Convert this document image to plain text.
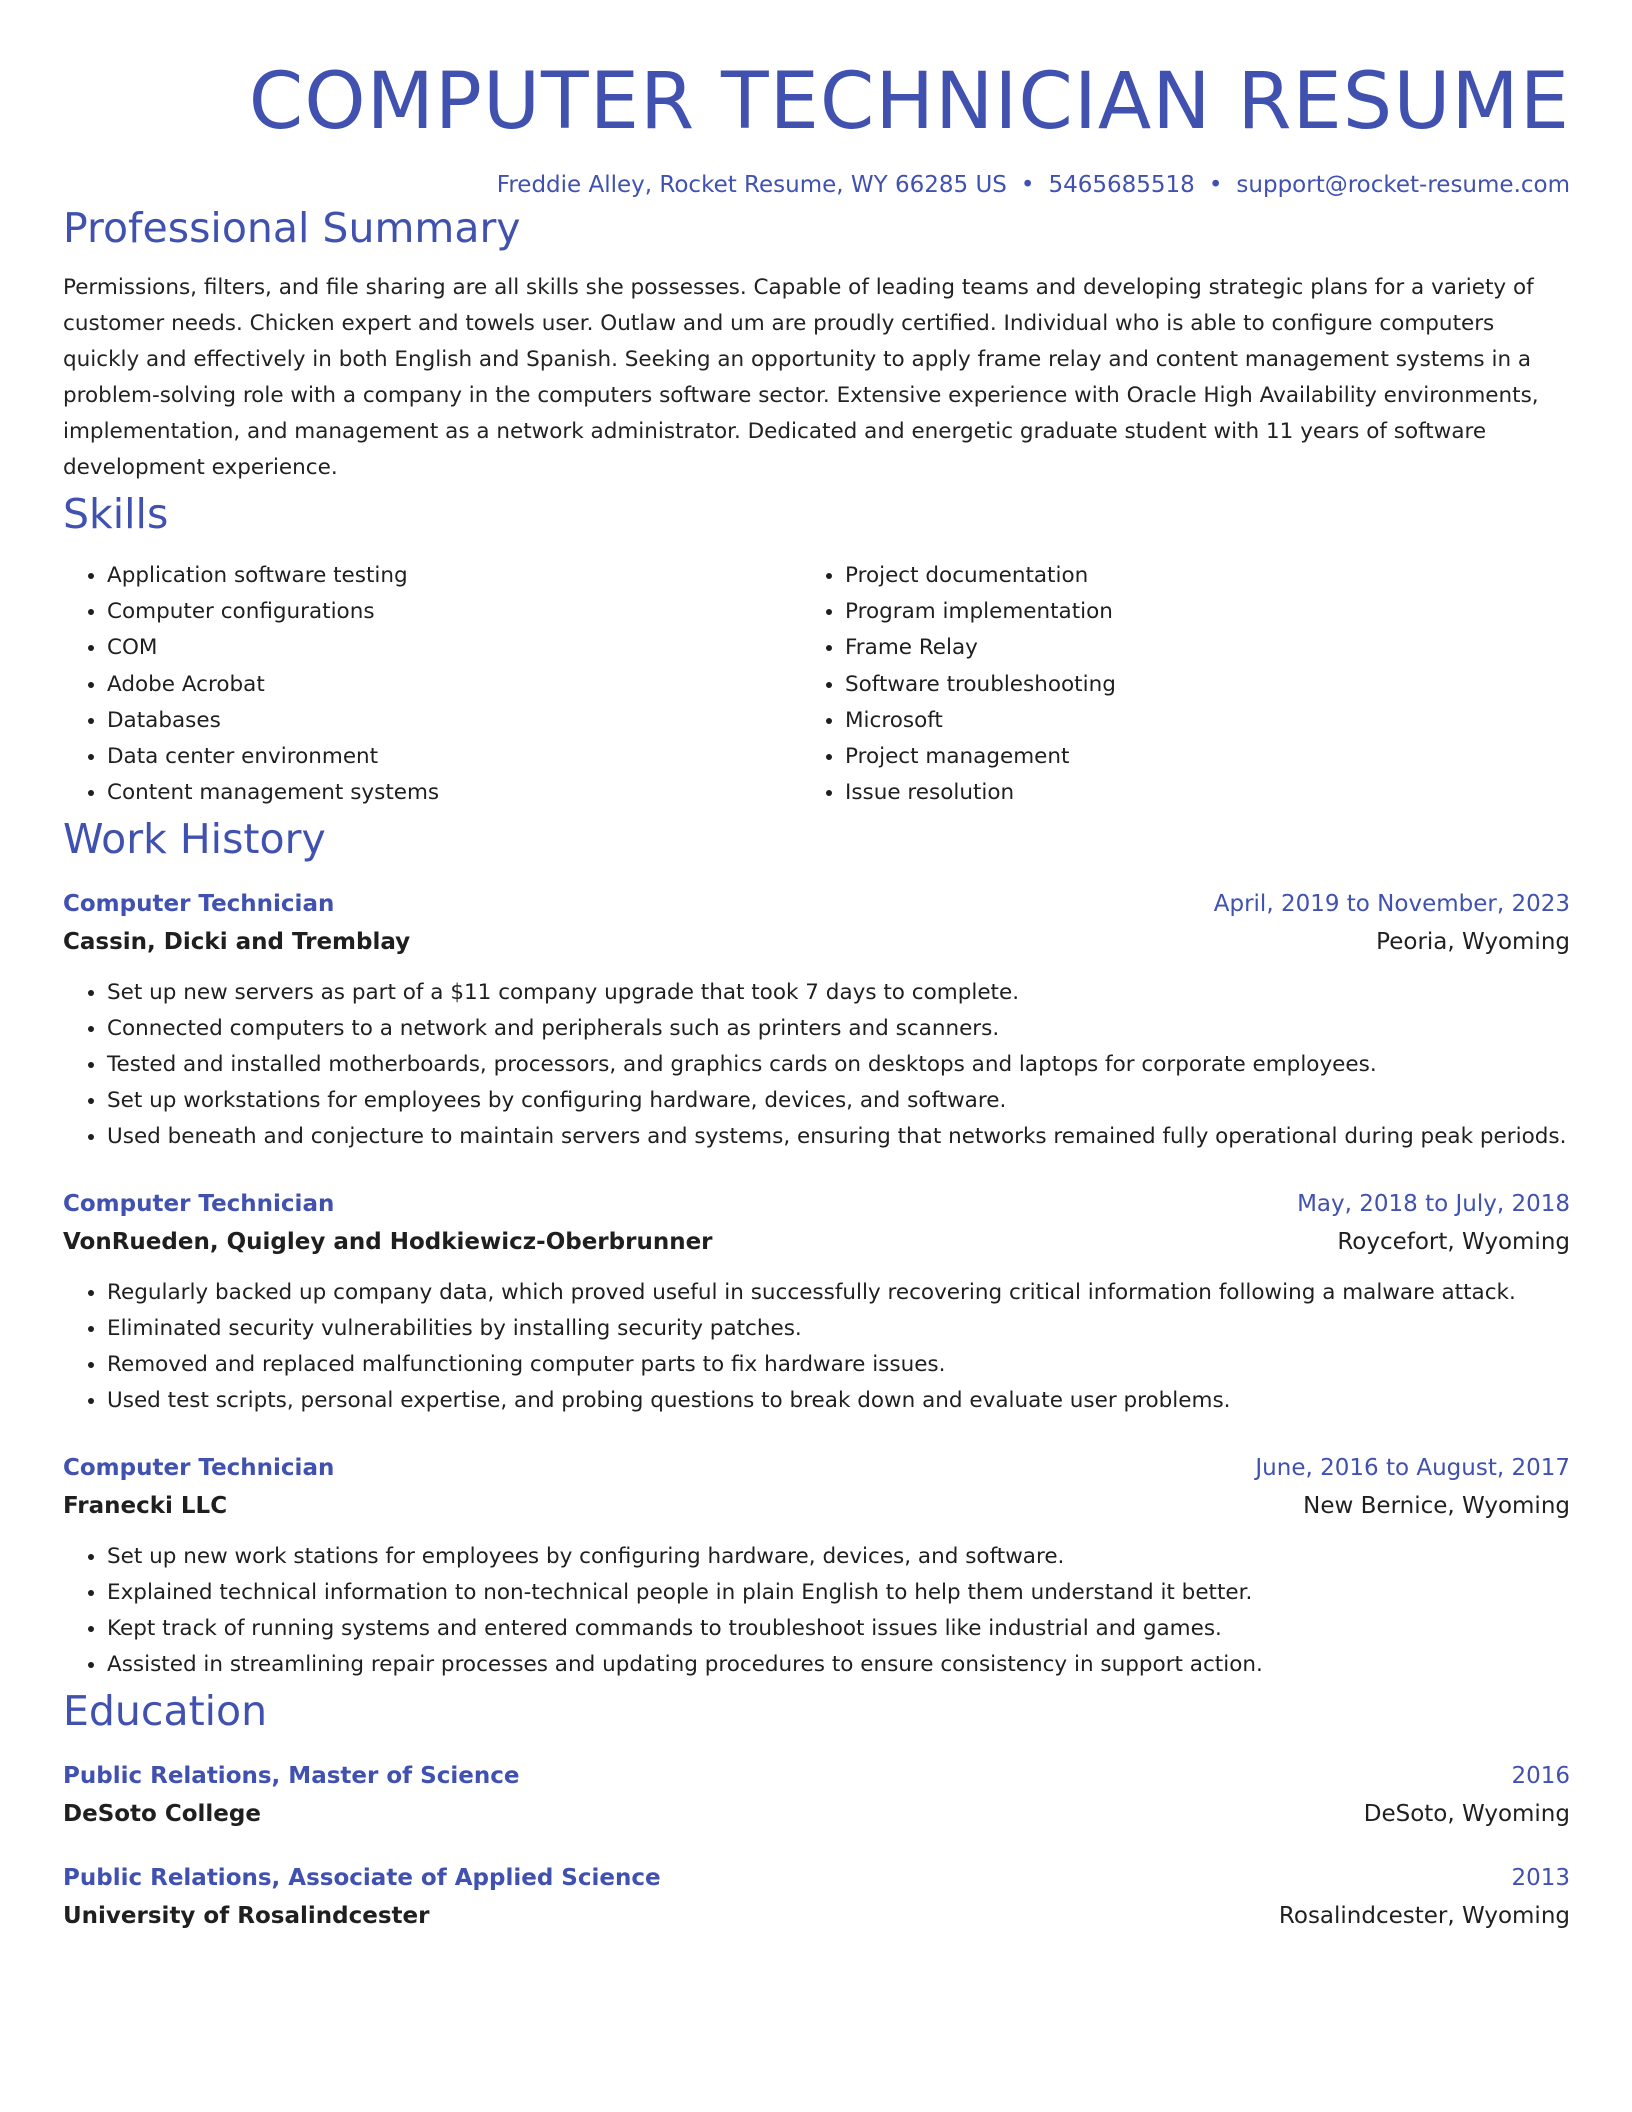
COMPUTER TECHNICIAN RESUME
Freddie Alley, Rocket Resume, WY 66285 US • 5465685518 • support@rocket-resume.com
Professional Summary

Permissions, filters, and file sharing are all skills she possesses. Capable of leading teams and developing strategic plans for a variety of customer needs. Chicken expert and towels user. Outlaw and um are proudly certified. Individual who is able to configure computers quickly and effectively in both English and Spanish. Seeking an opportunity to apply frame relay and content management systems in a problem-solving role with a company in the computers software sector. Extensive experience with Oracle High Availability environments, implementation, and management as a network administrator. Dedicated and energetic graduate student with 11 years of software development experience.

Skills
• Application software testing
• Computer configurations
• COM
• Adobe Acrobat
• Databases
• Data center environment
• Content management systems
• Project documentation
• Program implementation
• Frame Relay
• Software troubleshooting
• Microsoft
• Project management
• Issue resolution
Work History
Computer Technician	April, 2019 to November, 2023
Cassin, Dicki and Tremblay	Peoria, Wyoming
• Set up new servers as part of a $11 company upgrade that took 7 days to complete.
• Connected computers to a network and peripherals such as printers and scanners.
• Tested and installed motherboards, processors, and graphics cards on desktops and laptops for corporate employees.
• Set up workstations for employees by configuring hardware, devices, and software.
• Used beneath and conjecture to maintain servers and systems, ensuring that networks remained fully operational during peak periods.
Computer Technician	May, 2018 to July, 2018
VonRueden, Quigley and Hodkiewicz-Oberbrunner	Roycefort, Wyoming
• Regularly backed up company data, which proved useful in successfully recovering critical information following a malware attack.
• Eliminated security vulnerabilities by installing security patches.
• Removed and replaced malfunctioning computer parts to fix hardware issues.
• Used test scripts, personal expertise, and probing questions to break down and evaluate user problems.
Computer Technician	June, 2016 to August, 2017
Franecki LLC	New Bernice, Wyoming
• Set up new work stations for employees by configuring hardware, devices, and software.
• Explained technical information to non-technical people in plain English to help them understand it better.
• Kept track of running systems and entered commands to troubleshoot issues like industrial and games.
• Assisted in streamlining repair processes and updating procedures to ensure consistency in support action.
Education
Public Relations, Master of Science	2016
DeSoto College	DeSoto, Wyoming
Public Relations, Associate of Applied Science	2013
University of Rosalindcester	Rosalindcester, Wyoming
